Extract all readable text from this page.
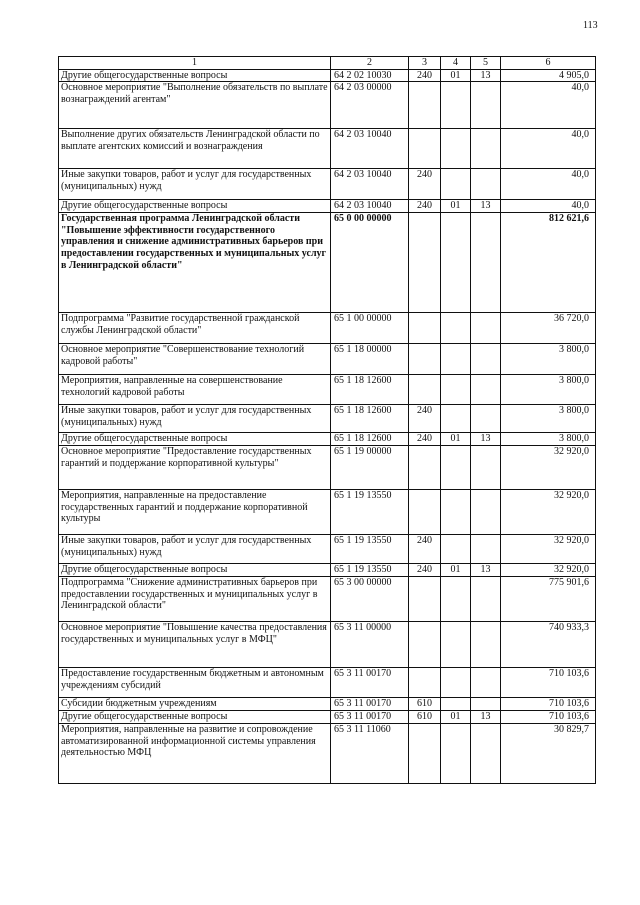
113
1	2	3	4	5	6
Другие общегосударственные вопросы	64 2 02 10030	240	01	13	4 905,0
Основное мероприятие "Выполнение обязательств по выплате вознаграждений агентам"	64 2 03 00000				40,0
Выполнение других обязательств Ленинградской области по выплате агентских комиссий и вознаграждения	64 2 03 10040				40,0
Иные закупки товаров, работ и услуг для государственных (муниципальных) нужд	64 2 03 10040	240			40,0
Другие общегосударственные вопросы	64 2 03 10040	240	01	13	40,0
Государственная программа Ленинградской области "Повышение эффективности государственного управления и снижение административных барьеров при предоставлении государственных и муниципальных услуг в Ленинградской области"	65 0 00 00000				812 621,6
Подпрограмма "Развитие государственной гражданской службы Ленинградской области"	65 1 00 00000				36 720,0
Основное мероприятие "Совершенствование технологий кадровой работы"	65 1 18 00000				3 800,0
Мероприятия, направленные на совершенствование технологий кадровой работы	65 1 18 12600				3 800,0
Иные закупки товаров, работ и услуг для государственных (муниципальных) нужд	65 1 18 12600	240			3 800,0
Другие общегосударственные вопросы	65 1 18 12600	240	01	13	3 800,0
Основное мероприятие "Предоставление государственных гарантий и поддержание корпоративной культуры"	65 1 19 00000				32 920,0
Мероприятия, направленные на предоставление государственных гарантий и поддержание корпоративной культуры	65 1 19 13550				32 920,0
Иные закупки товаров, работ и услуг для государственных (муниципальных) нужд	65 1 19 13550	240			32 920,0
Другие общегосударственные вопросы	65 1 19 13550	240	01	13	32 920,0
Подпрограмма "Снижение административных барьеров при предоставлении государственных и муниципальных услуг в Ленинградской области"	65 3 00 00000				775 901,6
Основное мероприятие "Повышение качества предоставления государственных и муниципальных услуг в МФЦ"	65 3 11 00000				740 933,3
Предоставление государственным бюджетным и автономным учреждениям субсидий	65 3 11 00170				710 103,6
Субсидии бюджетным учреждениям	65 3 11 00170	610			710 103,6
Другие общегосударственные вопросы	65 3 11 00170	610	01	13	710 103,6
Мероприятия, направленные на развитие и сопровождение автоматизированной информационной системы управления деятельностью МФЦ	65 3 11 11060				30 829,7
